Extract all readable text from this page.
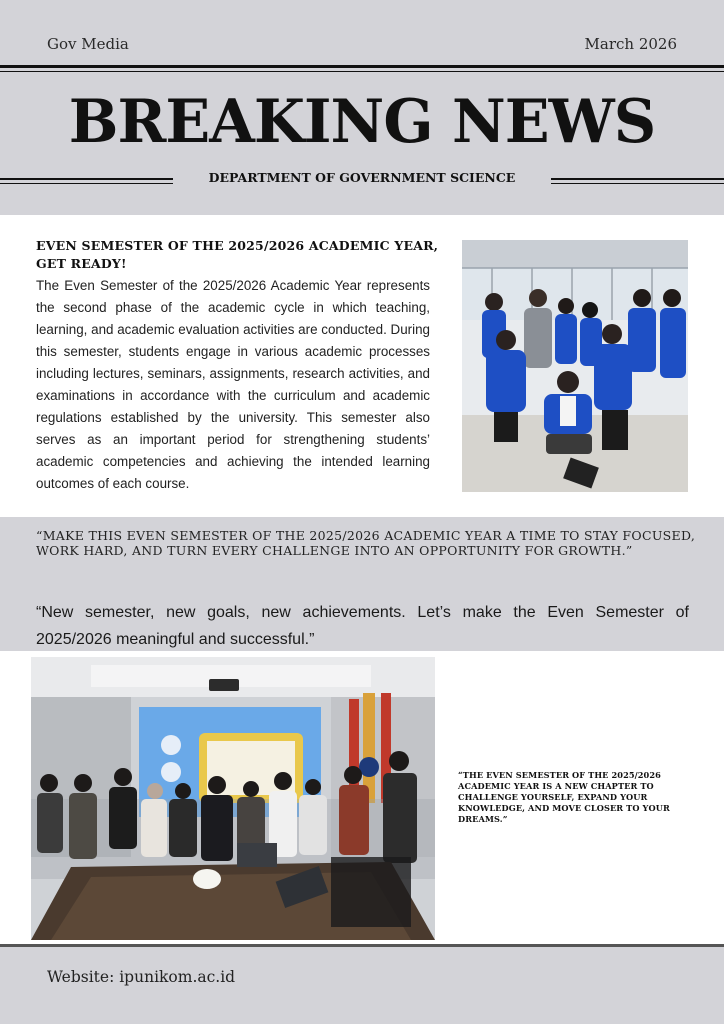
Gov Media	March 2026
BREAKING NEWS
DEPARTMENT OF GOVERNMENT SCIENCE
EVEN SEMESTER OF THE 2025/2026 ACADEMIC YEAR, GET READY!

The Even Semester of the 2025/2026 Academic Year represents the second phase of the academic cycle in which teaching, learning, and academic evaluation activities are conducted. During this semester, students engage in various academic processes including lectures, seminars, assignments, research activities, and examinations in accordance with the curriculum and academic regulations established by the university. This semester also serves as an important period for strengthening students’ academic competencies and achieving the intended learning outcomes of each course.

“MAKE THIS EVEN SEMESTER OF THE 2025/2026 ACADEMIC YEAR A TIME TO STAY FOCUSED, WORK HARD, AND TURN EVERY CHALLENGE INTO AN OPPORTUNITY FOR GROWTH.”

“New semester, new goals, new achievements. Let’s make the Even Semester of 2025/2026 meaningful and successful.”

“THE EVEN SEMESTER OF THE 2025/2026 ACADEMIC YEAR IS A NEW CHAPTER TO CHALLENGE YOURSELF, EXPAND YOUR KNOWLEDGE, AND MOVE CLOSER TO YOUR DREAMS.”
Website: ipunikom.ac.id
